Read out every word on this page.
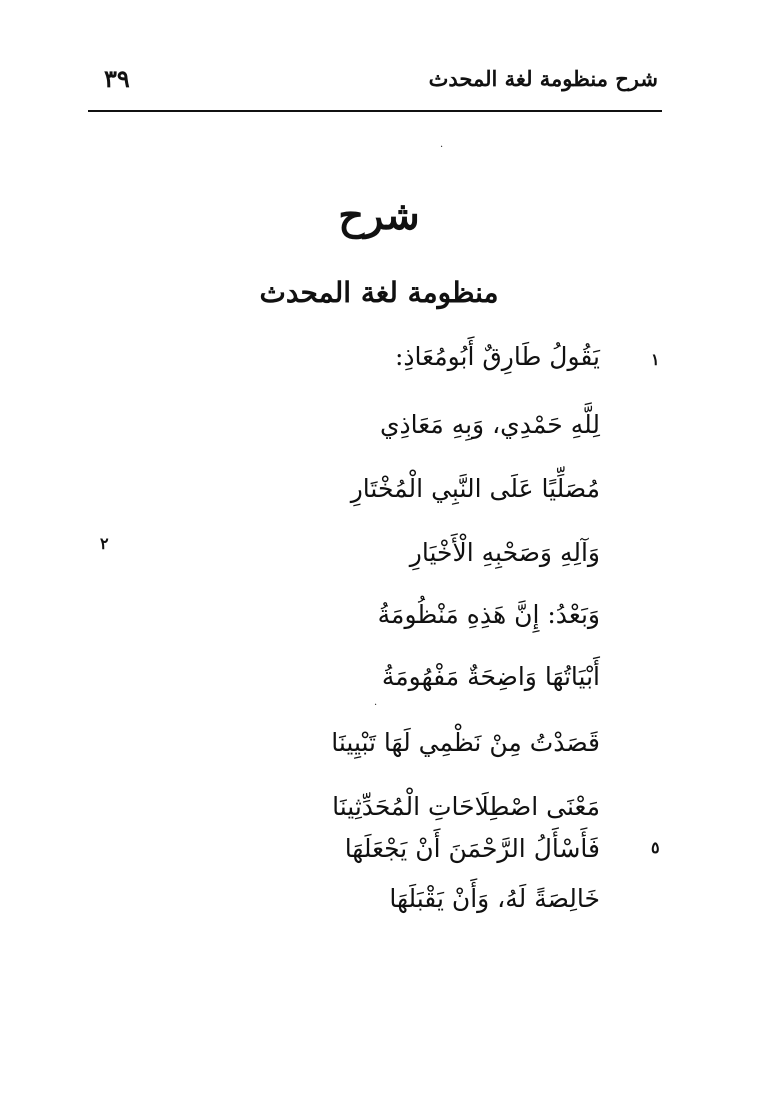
شرح منظومة لغة المحدث
٣٩
شرح
منظومة لغة المحدث
يَقُولُ طَارِقٌ أَبُومُعَاذِ:
لِلَّهِ حَمْدِي، وَبِهِ مَعَاذِي
مُصَلِّيًا عَلَى النَّبِي الْمُخْتَارِ
وَآلِهِ وَصَحْبِهِ الْأَخْيَارِ
وَبَعْدُ: إِنَّ هَذِهِ مَنْظُومَةُ
أَبْيَاتُهَا وَاضِحَةٌ مَفْهُومَةُ
قَصَدْتُ مِنْ نَظْمِي لَهَا تَبْيِينَا
مَعْنَى اصْطِلَاحَاتِ الْمُحَدِّثِينَا
فَأَسْأَلُ الرَّحْمَنَ أَنْ يَجْعَلَهَا
خَالِصَةً لَهُ، وَأَنْ يَقْبَلَهَا
١
٢
٥
·
·
